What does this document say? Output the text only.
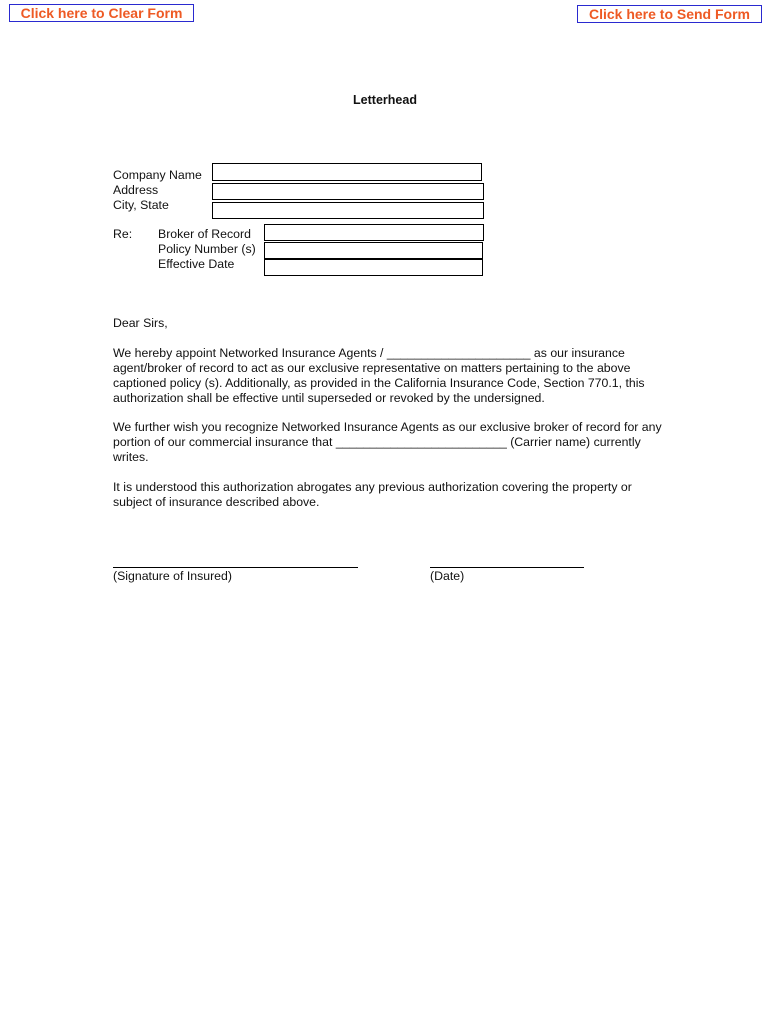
Click here to Clear Form	Click here to Send Form
Letterhead
Company Name
Address
City, State
Re: Broker of Record
Policy Number (s)
Effective Date
Dear Sirs,
We hereby appoint Networked Insurance Agents / _____________________ as our insurance agent/broker of record to act as our exclusive representative on matters pertaining to the above captioned policy (s). Additionally, as provided in the California Insurance Code, Section 770.1, this authorization shall be effective until superseded or revoked by the undersigned.
We further wish you recognize Networked Insurance Agents as our exclusive broker of record for any portion of our commercial insurance that _________________________ (Carrier name) currently writes.
It is understood this authorization abrogates any previous authorization covering the property or subject of insurance described above.
(Signature of Insured)	(Date)
